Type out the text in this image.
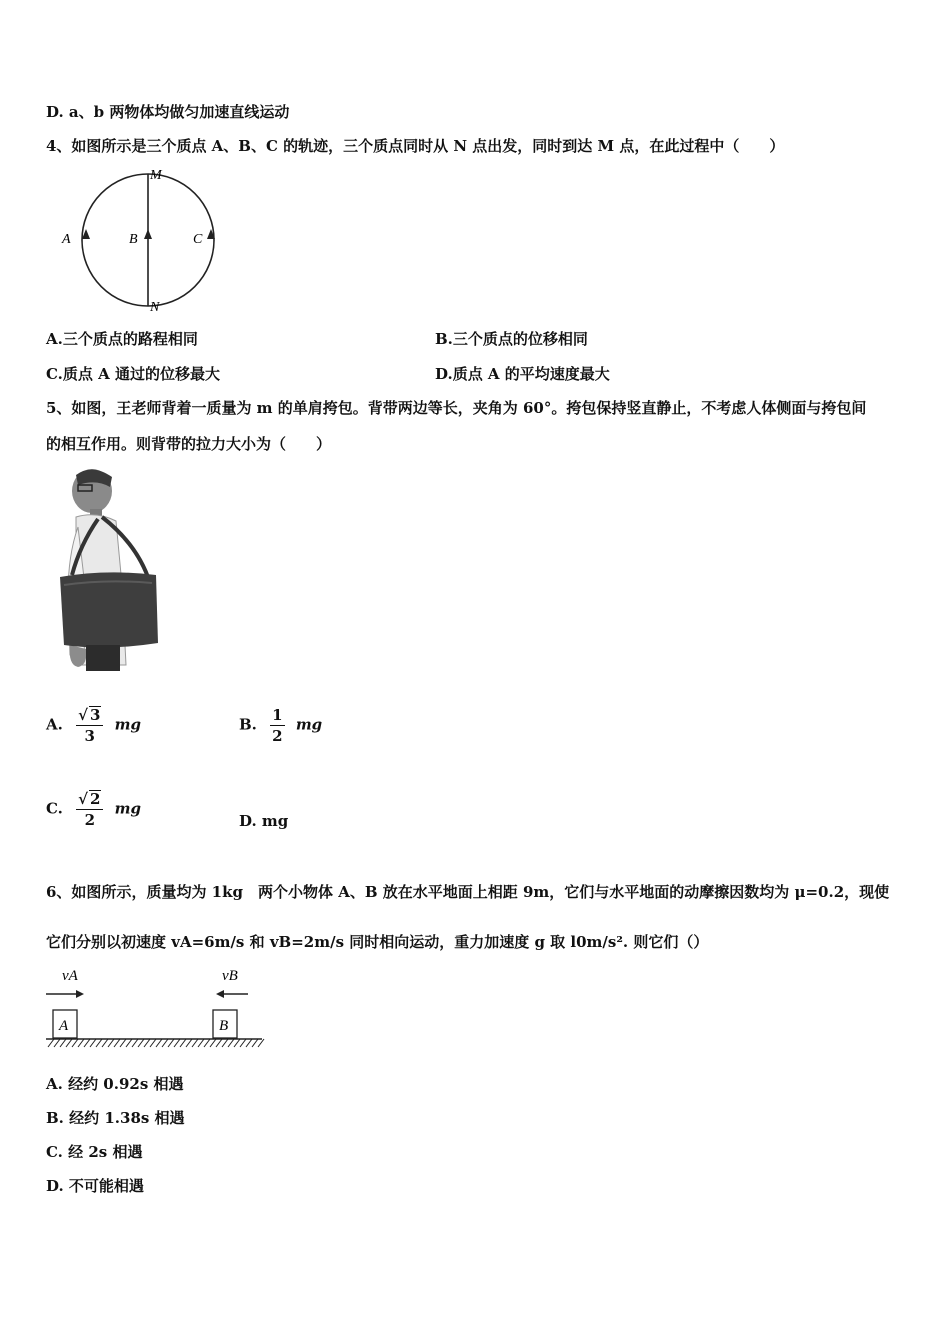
D. a、b 两物体均做匀加速直线运动
4、如图所示是三个质点 A、B、C 的轨迹，三个质点同时从 N 点出发，同时到达 M 点，在此过程中（　　）
M
N
A	B	C
A.三个质点的路程相同	B.三个质点的位移相同
C.质点 A 通过的位移最大	D.质点 A 的平均速度最大
5、如图，王老师背着一质量为 m 的单肩挎包。背带两边等长，夹角为 60°。挎包保持竖直静止，不考虑人体侧面与挎包间
的相互作用。则背带的拉力大小为（　　）
A. $\frac{√ 3}{3}$ mg	B. $\frac{1}{2}$ mg
C. $\frac{√ 2}{2}$ mg
D. mg
6、如图所示，质量均为 1kg　两个小物体 A、B 放在水平地面上相距 9m，它们与水平地面的动摩擦因数均为 μ=0.2，现使
它们分别以初速度 vA=6m/s 和 vB=2m/s 同时相向运动，重力加速度 g 取 l0m/s². 则它们（）
vA	vB
A	B
A. 经约 0.92s 相遇
B. 经约 1.38s 相遇
C. 经 2s 相遇
D. 不可能相遇
